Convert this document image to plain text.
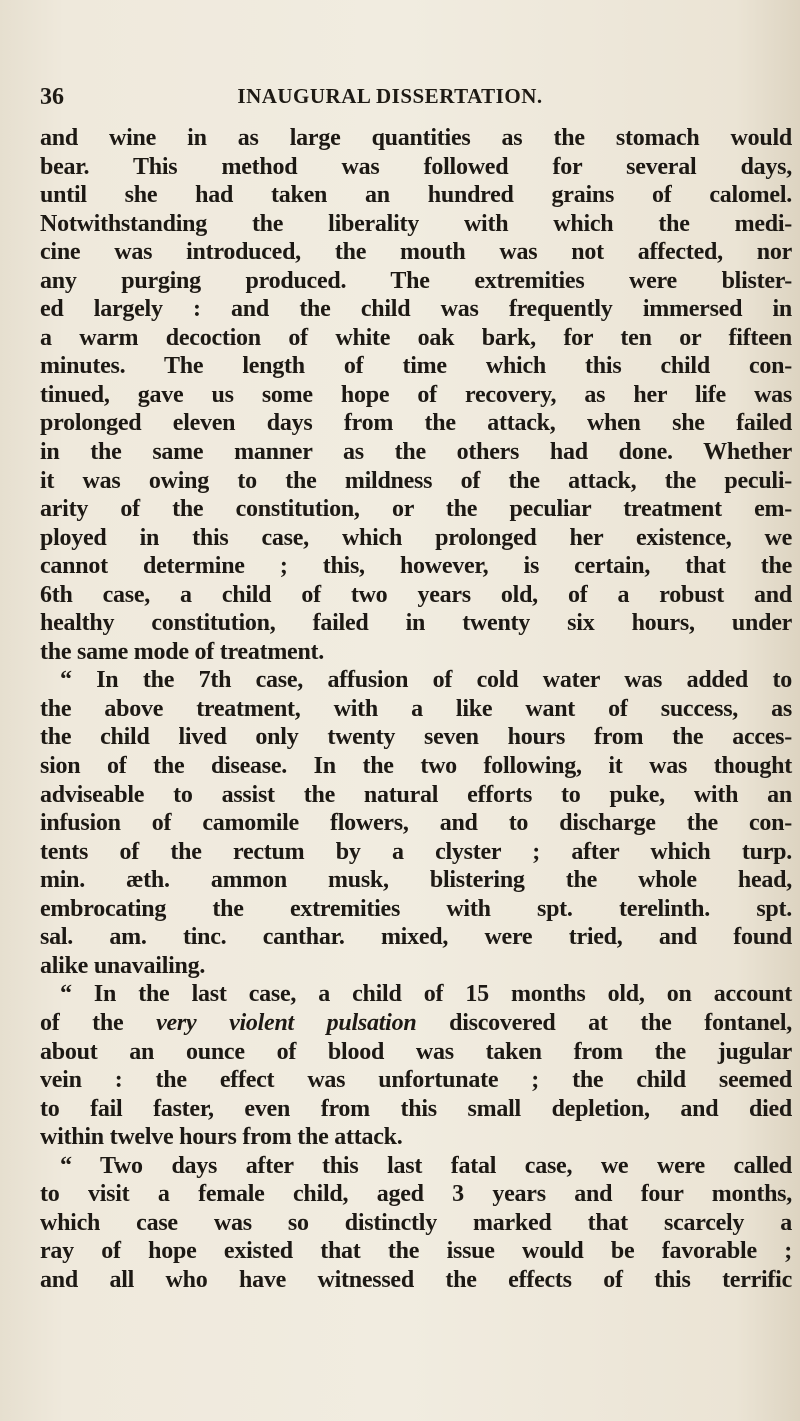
36	INAUGURAL DISSERTATION.
and wine in as large quantities as the stomach would
bear. This method was followed for several days,
until she had taken an hundred grains of calomel.
Notwithstanding the liberality with which the medi-
cine was introduced, the mouth was not affected, nor
any purging produced. The extremities were blister-
ed largely : and the child was frequently immersed in
a warm decoction of white oak bark, for ten or fifteen
minutes. The length of time which this child con-
tinued, gave us some hope of recovery, as her life was
prolonged eleven days from the attack, when she failed
in the same manner as the others had done. Whether
it was owing to the mildness of the attack, the peculi-
arity of the constitution, or the peculiar treatment em-
ployed in this case, which prolonged her existence, we
cannot determine ; this, however, is certain, that the
6th case, a child of two years old, of a robust and
healthy constitution, failed in twenty six hours, under
the same mode of treatment.
“ In the 7th case, affusion of cold water was added to
the above treatment, with a like want of success, as
the child lived only twenty seven hours from the acces-
sion of the disease. In the two following, it was thought
adviseable to assist the natural efforts to puke, with an
infusion of camomile flowers, and to discharge the con-
tents of the rectum by a clyster ; after which turp.
min. æth. ammon musk, blistering the whole head,
embrocating the extremities with spt. terelinth. spt.
sal. am. tinc. canthar. mixed, were tried, and found
alike unavailing.
“ In the last case, a child of 15 months old, on account
of the very violent pulsation discovered at the fontanel,
about an ounce of blood was taken from the jugular
vein : the effect was unfortunate ; the child seemed
to fail faster, even from this small depletion, and died
within twelve hours from the attack.
“ Two days after this last fatal case, we were called
to visit a female child, aged 3 years and four months,
which case was so distinctly marked that scarcely a
ray of hope existed that the issue would be favorable ;
and all who have witnessed the effects of this terrific
